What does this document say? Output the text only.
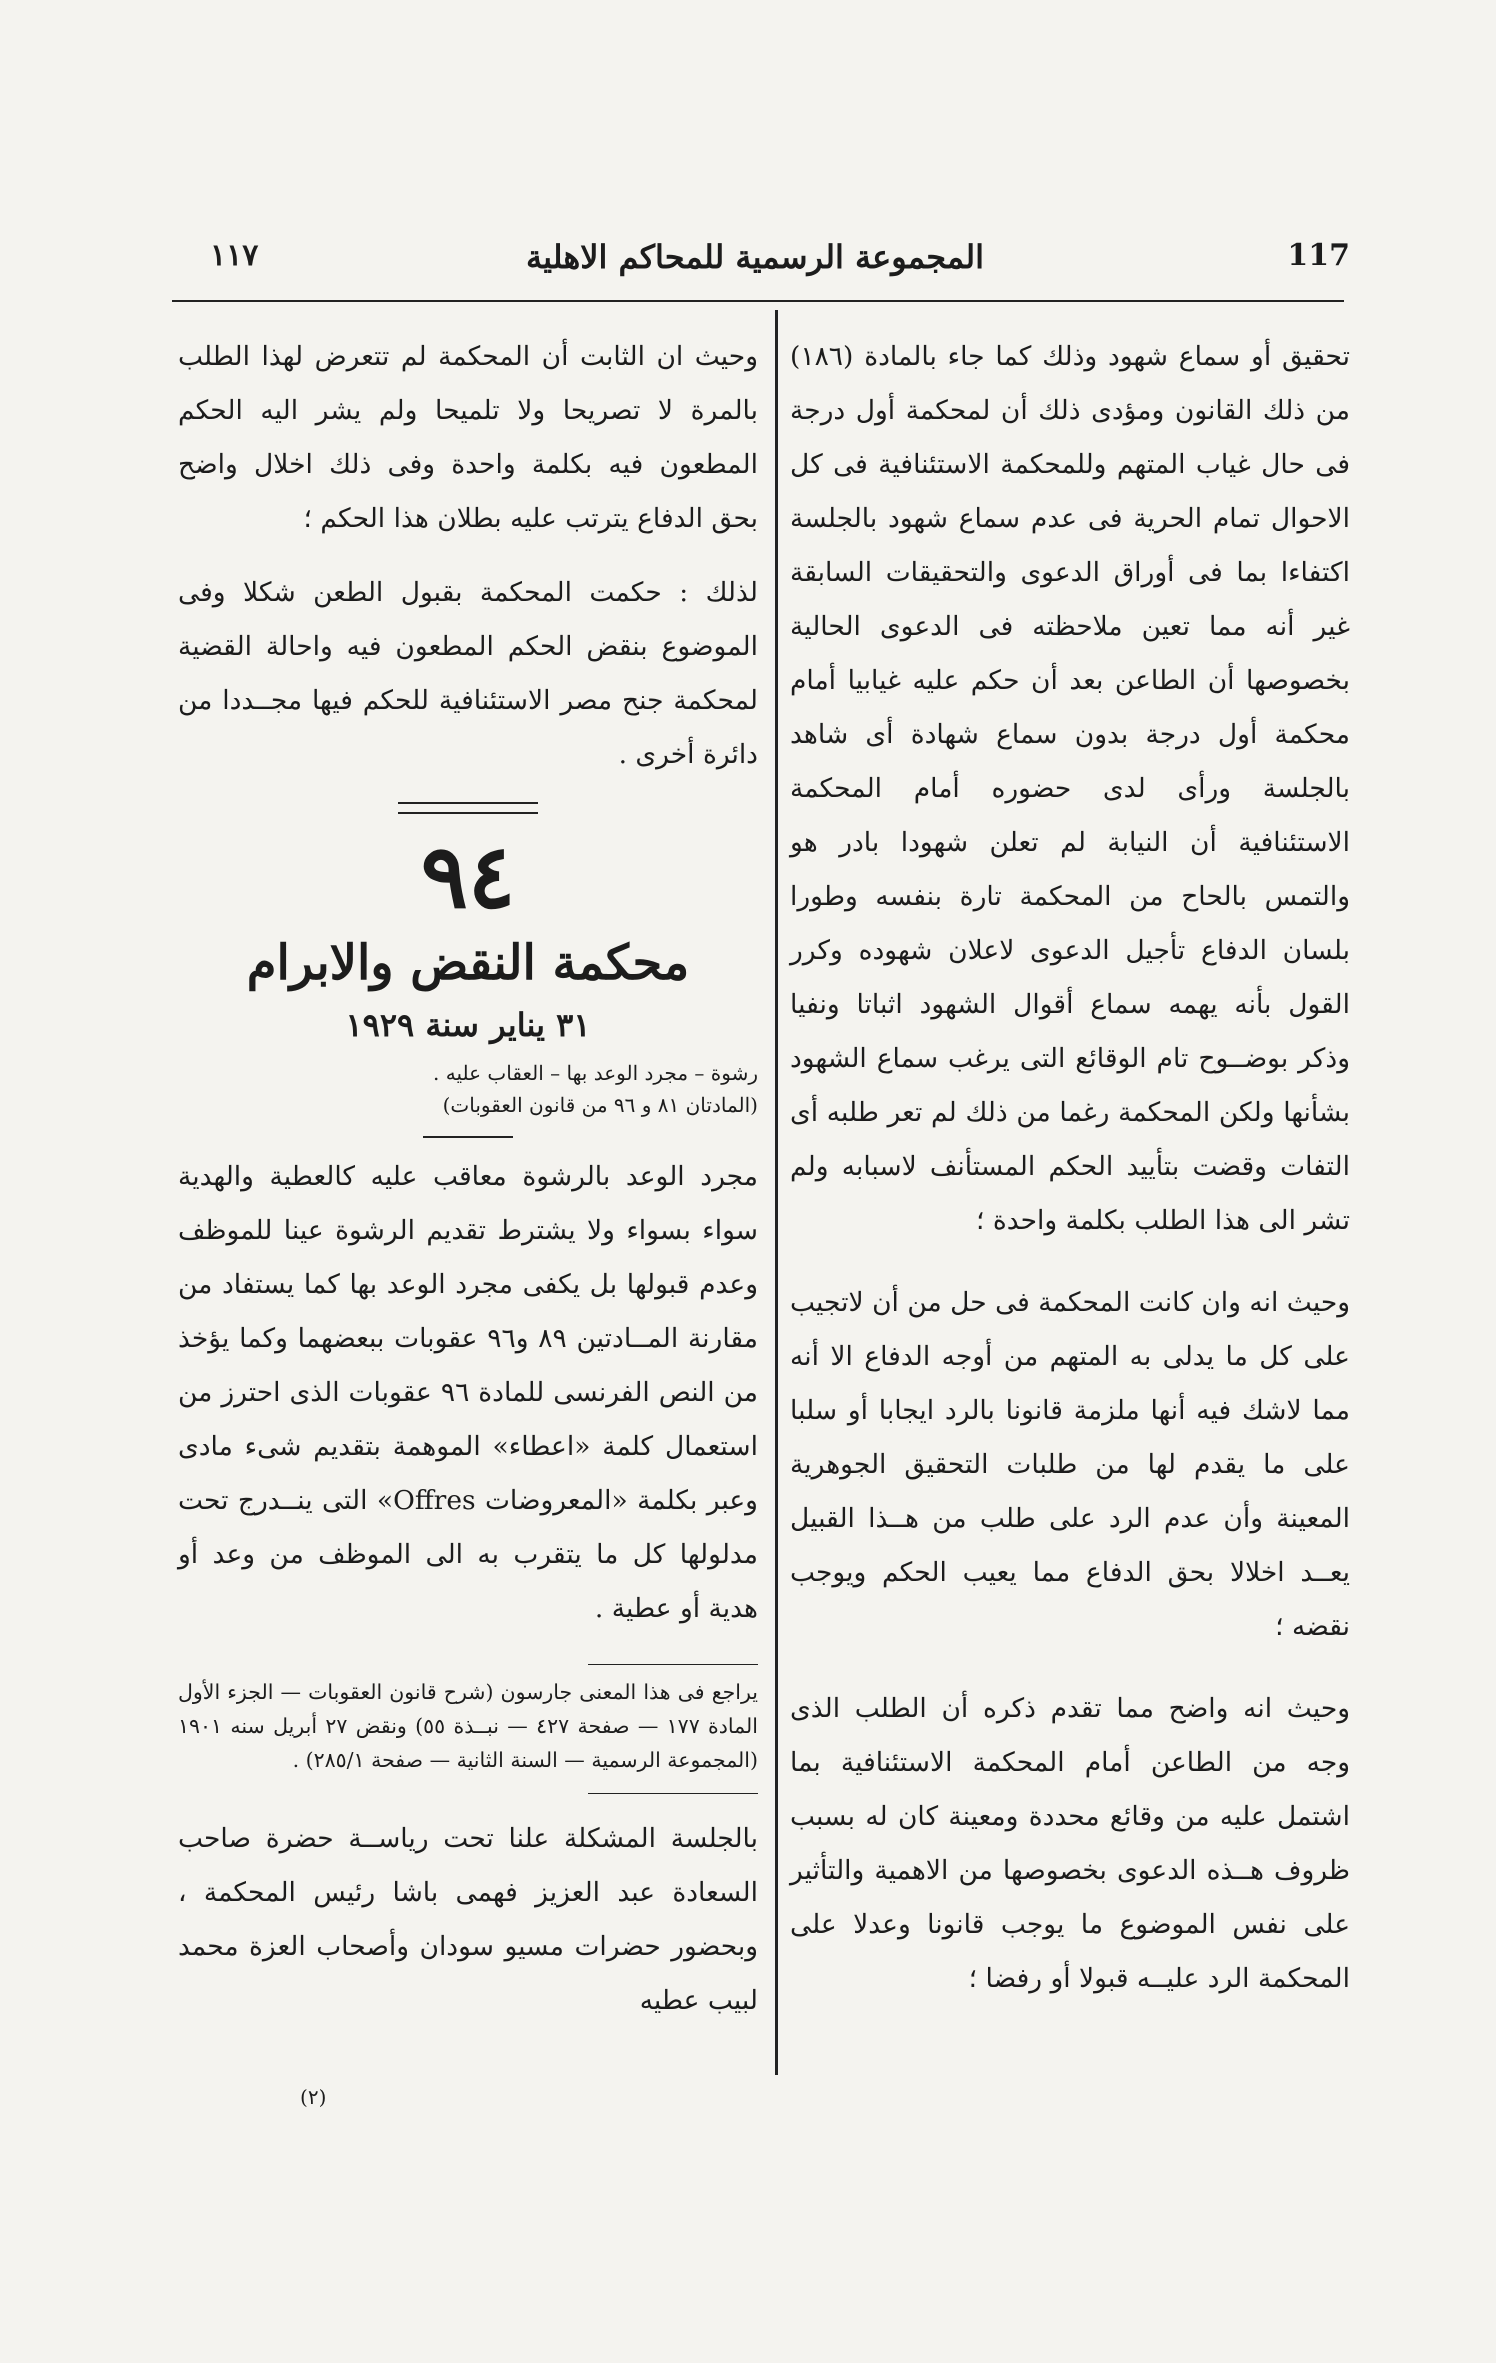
117
المجموعة الرسمية للمحاكم الاهلية
١١٧

تحقيق أو سماع شهود وذلك كما جاء بالمادة (١٨٦) من ذلك القانون ومؤدى ذلك أن لمحكمة أول درجة فى حال غياب المتهم وللمحكمة الاستئنافية فى كل الاحوال تمام الحرية فى عدم سماع شهود بالجلسة اكتفاءا بما فى أوراق الدعوى والتحقيقات السابقة غير أنه مما تعين ملاحظته فى الدعوى الحالية بخصوصها أن الطاعن بعد أن حكم عليه غيابيا أمام محكمة أول درجة بدون سماع شهادة أى شاهد بالجلسة ورأى لدى حضوره أمام المحكمة الاستئنافية أن النيابة لم تعلن شهودا بادر هو والتمس بالحاح من المحكمة تارة بنفسه وطورا بلسان الدفاع تأجيل الدعوى لاعلان شهوده وكرر القول بأنه يهمه سماع أقوال الشهود اثباتا ونفيا وذكر بوضــوح تام الوقائع التى يرغب سماع الشهود بشأنها ولكن المحكمة رغما من ذلك لم تعر طلبه أى التفات وقضت بتأييد الحكم المستأنف لاسبابه ولم تشر الى هذا الطلب بكلمة واحدة ؛

وحيث انه وان كانت المحكمة فى حل من أن لاتجيب على كل ما يدلى به المتهم من أوجه الدفاع الا أنه مما لاشك فيه أنها ملزمة قانونا بالرد ايجابا أو سلبا على ما يقدم لها من طلبات التحقيق الجوهرية المعينة وأن عدم الرد على طلب من هــذا القبيل يعــد اخلالا بحق الدفاع مما يعيب الحكم ويوجب نقضه ؛

وحيث انه واضح مما تقدم ذكره أن الطلب الذى وجه من الطاعن أمام المحكمة الاستئنافية بما اشتمل عليه من وقائع محددة ومعينة كان له بسبب ظروف هــذه الدعوى بخصوصها من الاهمية والتأثير على نفس الموضوع ما يوجب قانونا وعدلا على المحكمة الرد عليــه قبولا أو رفضا ؛

وحيث ان الثابت أن المحكمة لم تتعرض لهذا الطلب بالمرة لا تصريحا ولا تلميحا ولم يشر اليه الحكم المطعون فيه بكلمة واحدة وفى ذلك اخلال واضح بحق الدفاع يترتب عليه بطلان هذا الحكم ؛

لذلك : حكمت المحكمة بقبول الطعن شكلا وفى الموضوع بنقض الحكم المطعون فيه واحالة القضية لمحكمة جنح مصر الاستئنافية للحكم فيها مجــددا من دائرة أخرى .

٩٤
محكمة النقض والابرام
٣١ يناير سنة ١٩٢٩
رشوة – مجرد الوعد بها – العقاب عليه .
(المادتان ٨١ و ٩٦ من قانون العقوبات)

مجرد الوعد بالرشوة معاقب عليه كالعطية والهدية سواء بسواء ولا يشترط تقديم الرشوة عينا للموظف وعدم قبولها بل يكفى مجرد الوعد بها كما يستفاد من مقارنة المــادتين ٨٩ و٩٦ عقوبات ببعضهما وكما يؤخذ من النص الفرنسى للمادة ٩٦ عقوبات الذى احترز من استعمال كلمة «اعطاء» الموهمة بتقديم شىء مادى وعبر بكلمة «المعروضات Offres» التى ينــدرج تحت مدلولها كل ما يتقرب به الى الموظف من وعد أو هدية أو عطية .

يراجع فى هذا المعنى جارسون (شرح قانون العقوبات — الجزء الأول المادة ١٧٧ — صفحة ٤٢٧ — نبــذة ٥٥) ونقض ٢٧ أبريل سنه ١٩٠١ (المجموعة الرسمية — السنة الثانية — صفحة ٢٨٥/١) .

بالجلسة المشكلة علنا تحت رياســة حضرة صاحب السعادة عبد العزيز فهمى باشا رئيس المحكمة ، وبحضور حضرات مسيو سودان وأصحاب العزة محمد لبيب عطيه

(٢)
